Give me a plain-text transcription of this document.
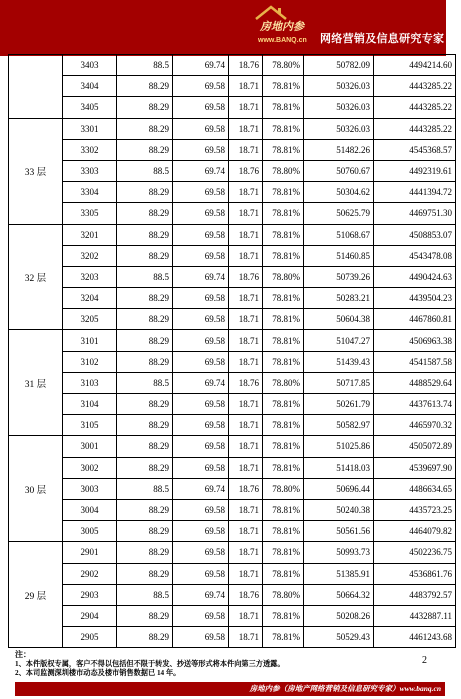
房地内参
www.BANQ.cn 网络营销及信息研究专家
	3403	88.5	69.74	18.76	78.80%	50782.09	4494214.60
	3404	88.29	69.58	18.71	78.81%	50326.03	4443285.22
	3405	88.29	69.58	18.71	78.81%	50326.03	4443285.22
33 层	3301	88.29	69.58	18.71	78.81%	50326.03	4443285.22
	3302	88.29	69.58	18.71	78.81%	51482.26	4545368.57
	3303	88.5	69.74	18.76	78.80%	50760.67	4492319.61
	3304	88.29	69.58	18.71	78.81%	50304.62	4441394.72
	3305	88.29	69.58	18.71	78.81%	50625.79	4469751.30
32 层	3201	88.29	69.58	18.71	78.81%	51068.67	4508853.07
	3202	88.29	69.58	18.71	78.81%	51460.85	4543478.08
	3203	88.5	69.74	18.76	78.80%	50739.26	4490424.63
	3204	88.29	69.58	18.71	78.81%	50283.21	4439504.23
	3205	88.29	69.58	18.71	78.81%	50604.38	4467860.81
31 层	3101	88.29	69.58	18.71	78.81%	51047.27	4506963.38
	3102	88.29	69.58	18.71	78.81%	51439.43	4541587.58
	3103	88.5	69.74	18.76	78.80%	50717.85	4488529.64
	3104	88.29	69.58	18.71	78.81%	50261.79	4437613.74
	3105	88.29	69.58	18.71	78.81%	50582.97	4465970.32
30 层	3001	88.29	69.58	18.71	78.81%	51025.86	4505072.89
	3002	88.29	69.58	18.71	78.81%	51418.03	4539697.90
	3003	88.5	69.74	18.76	78.80%	50696.44	4486634.65
	3004	88.29	69.58	18.71	78.81%	50240.38	4435723.25
	3005	88.29	69.58	18.71	78.81%	50561.56	4464079.82
29 层	2901	88.29	69.58	18.71	78.81%	50993.73	4502236.75
	2902	88.29	69.58	18.71	78.81%	51385.91	4536861.76
	2903	88.5	69.74	18.76	78.80%	50664.32	4483792.57
	2904	88.29	69.58	18.71	78.81%	50208.26	4432887.11
	2905	88.29	69.58	18.71	78.81%	50529.43	4461243.68
2
注：
1、本件版权专属，客户不得以包括但不限于转发、抄送等形式将本件向第三方透露。
2、本司监测深圳楼市动态及楼市销售数据已 14 年。
房地内参（房地产网络营销及信息研究专家）www.banq.cn
